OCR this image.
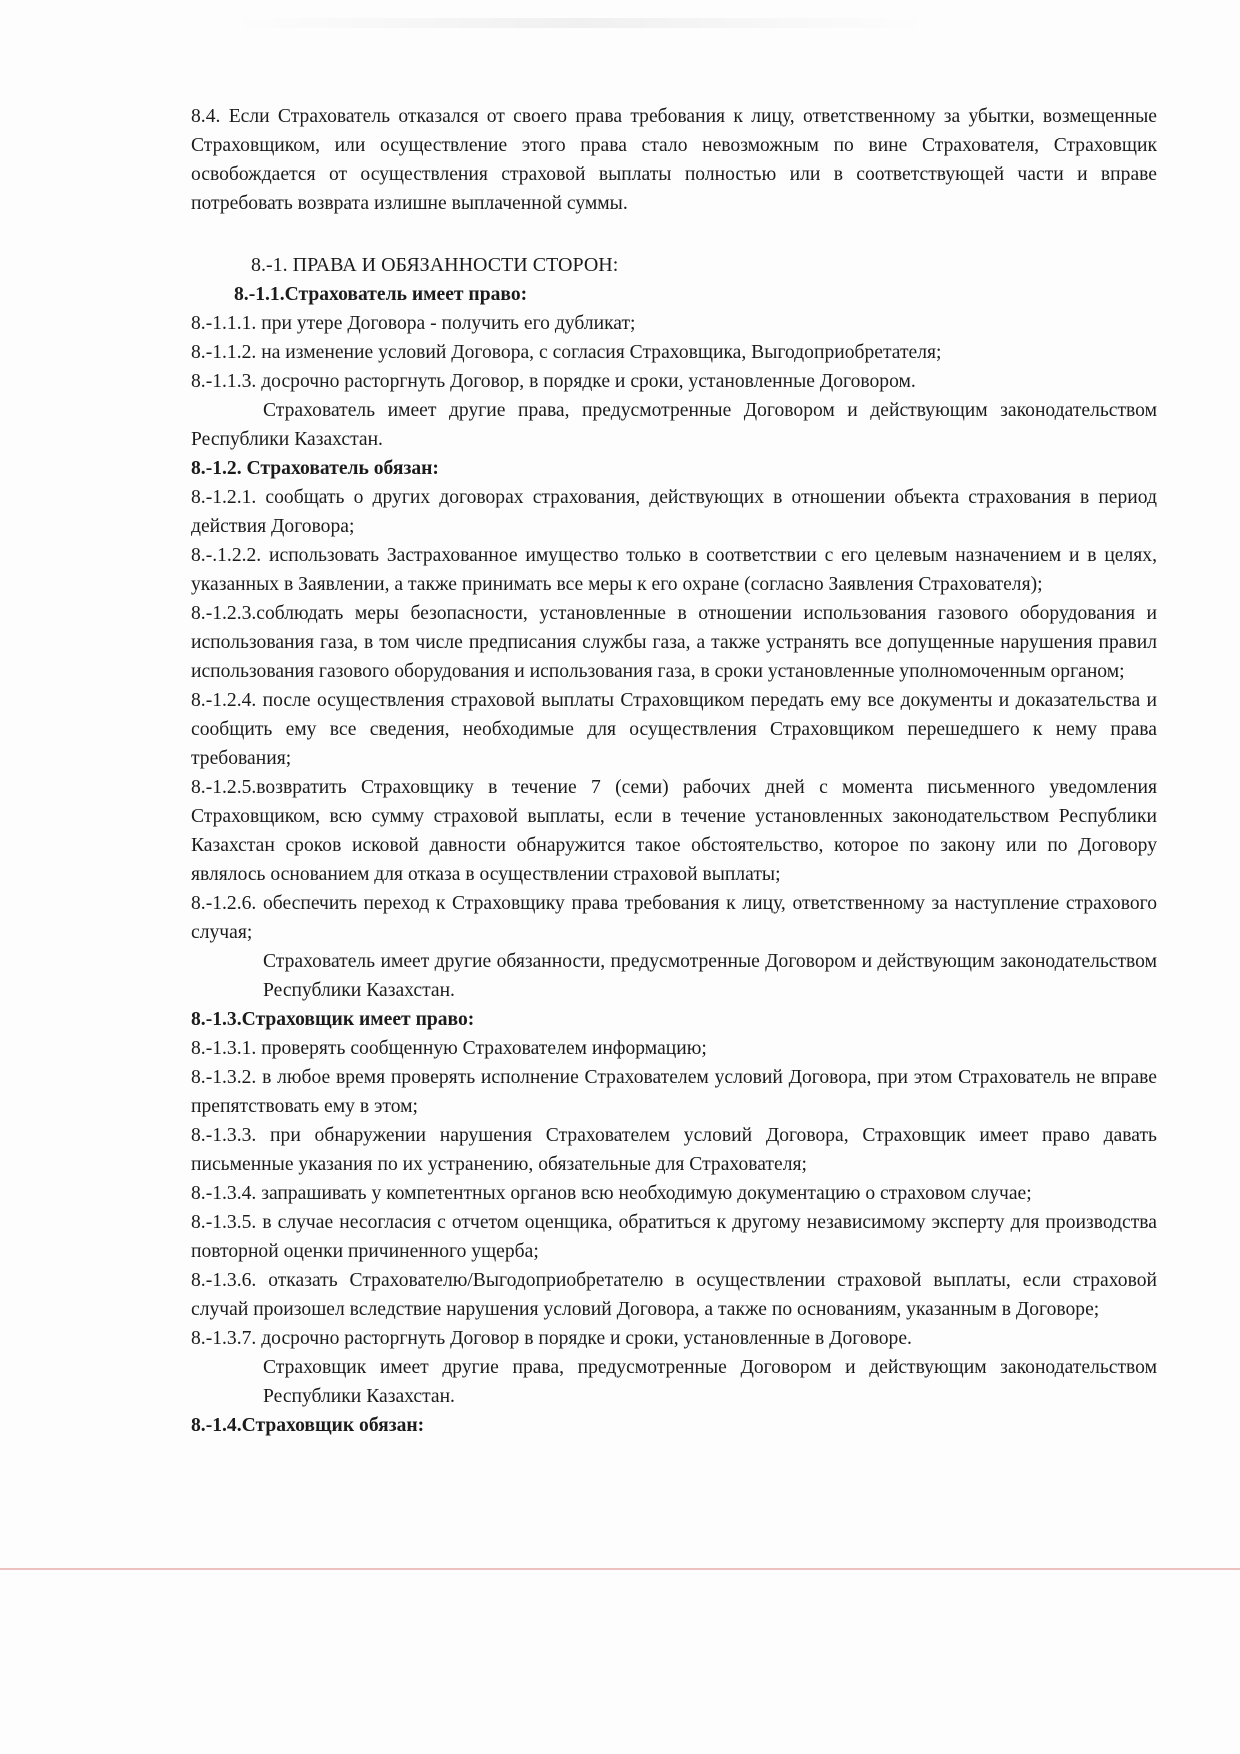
8.4. Если Страхователь отказался от своего права требования к лицу, ответственному за убытки, возмещенные Страховщиком, или осуществление этого права стало невозможным по вине Страхователя, Страховщик освобождается от осуществления страховой выплаты полностью или в соответствующей части и вправе потребовать возврата излишне выплаченной суммы.

8.-1. ПРАВА И ОБЯЗАННОСТИ СТОРОН:

8.-1.1.Страхователь имеет право:

8.-1.1.1. при утере Договора - получить его дубликат;

8.-1.1.2. на изменение условий Договора, с согласия Страховщика, Выгодоприобретателя;

8.-1.1.3. досрочно расторгнуть Договор, в порядке и сроки, установленные Договором.

Страхователь имеет другие права, предусмотренные Договором и действующим законодательством Республики Казахстан.

8.-1.2. Страхователь обязан:

8.-1.2.1. сообщать о других договорах страхования, действующих в отношении объекта страхования в период действия Договора;

8.-.1.2.2. использовать Застрахованное имущество только в соответствии с его целевым назначением и в целях, указанных в Заявлении, а также принимать все меры к его охране (согласно Заявления Страхователя);

8.-1.2.3.соблюдать меры безопасности, установленные в отношении использования газового оборудования и использования газа, в том числе предписания службы газа, а также устранять все допущенные нарушения правил использования газового оборудования и использования газа, в сроки установленные уполномоченным органом;

8.-1.2.4. после осуществления страховой выплаты Страховщиком передать ему все документы и доказательства и сообщить ему все сведения, необходимые для осуществления Страховщиком перешедшего к нему права требования;

8.-1.2.5.возвратить Страховщику в течение 7 (семи) рабочих дней с момента письменного уведомления Страховщиком, всю сумму страховой выплаты, если в течение установленных законодательством Республики Казахстан сроков исковой давности обнаружится такое обстоятельство, которое по закону или по Договору являлось основанием для отказа в осуществлении страховой выплаты;

8.-1.2.6. обеспечить переход к Страховщику права требования к лицу, ответственному за наступление страхового случая;

Страхователь имеет другие обязанности, предусмотренные Договором и действующим законодательством Республики Казахстан.

8.-1.3.Страховщик имеет право:

8.-1.3.1. проверять сообщенную Страхователем информацию;

8.-1.3.2. в любое время проверять исполнение Страхователем условий Договора, при этом Страхователь не вправе препятствовать ему в этом;

8.-1.3.3. при обнаружении нарушения Страхователем условий Договора, Страховщик имеет право давать письменные указания по их устранению, обязательные для Страхователя;

8.-1.3.4. запрашивать у компетентных органов всю необходимую документацию о страховом случае;

8.-1.3.5. в случае несогласия с отчетом оценщика, обратиться к другому независимому эксперту для производства повторной оценки причиненного ущерба;

8.-1.3.6. отказать Страхователю/Выгодоприобретателю в осуществлении страховой выплаты, если страховой случай произошел вследствие нарушения условий Договора, а также по основаниям, указанным в Договоре;

8.-1.3.7. досрочно расторгнуть Договор в порядке и сроки, установленные в Договоре.

Страховщик имеет другие права, предусмотренные Договором и действующим законодательством Республики Казахстан.

8.-1.4.Страховщик обязан:
